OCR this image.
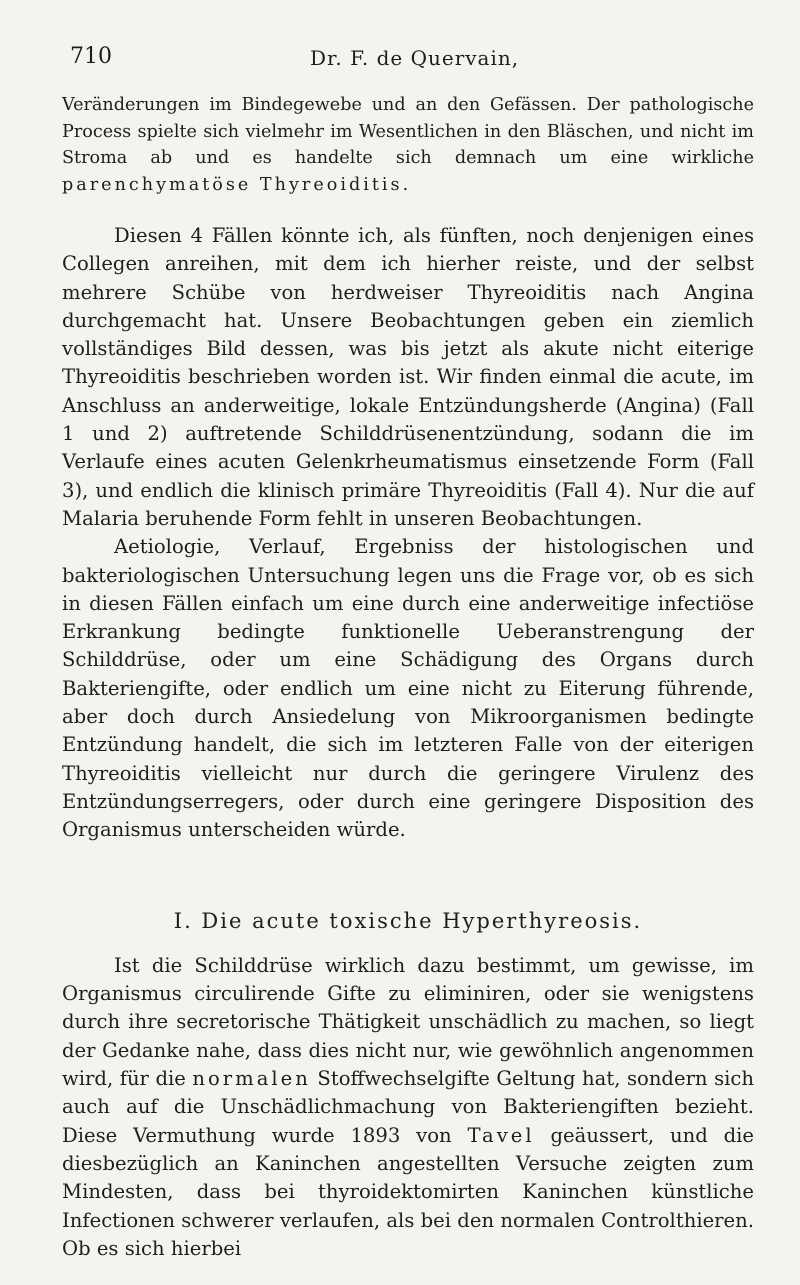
710	Dr. F. de Quervain,

Veränderungen im Bindegewebe und an den Gefässen. Der pathologische Process spielte sich vielmehr im Wesentlichen in den Bläschen, und nicht im Stroma ab und es handelte sich demnach um eine wirkliche parenchymatöse Thyreoiditis.

Diesen 4 Fällen könnte ich, als fünften, noch denjenigen eines Collegen anreihen, mit dem ich hierher reiste, und der selbst mehrere Schübe von herdweiser Thyreoiditis nach Angina durchgemacht hat. Unsere Beobachtungen geben ein ziemlich vollständiges Bild dessen, was bis jetzt als akute nicht eiterige Thyreoiditis beschrieben worden ist. Wir finden einmal die acute, im Anschluss an anderweitige, lokale Entzündungsherde (Angina) (Fall 1 und 2) auftretende Schilddrüsenentzündung, sodann die im Verlaufe eines acuten Gelenkrheumatismus einsetzende Form (Fall 3), und endlich die klinisch primäre Thyreoiditis (Fall 4). Nur die auf Malaria beruhende Form fehlt in unseren Beobachtungen.

Aetiologie, Verlauf, Ergebniss der histologischen und bakteriologischen Untersuchung legen uns die Frage vor, ob es sich in diesen Fällen einfach um eine durch eine anderweitige infectiöse Erkrankung bedingte funktionelle Ueberanstrengung der Schilddrüse, oder um eine Schädigung des Organs durch Bakteriengifte, oder endlich um eine nicht zu Eiterung führende, aber doch durch Ansiedelung von Mikroorganismen bedingte Entzündung handelt, die sich im letzteren Falle von der eiterigen Thyreoiditis vielleicht nur durch die geringere Virulenz des Entzündungserregers, oder durch eine geringere Disposition des Organismus unterscheiden würde.

I. Die acute toxische Hyperthyreosis.

Ist die Schilddrüse wirklich dazu bestimmt, um gewisse, im Organismus circulirende Gifte zu eliminiren, oder sie wenigstens durch ihre secretorische Thätigkeit unschädlich zu machen, so liegt der Gedanke nahe, dass dies nicht nur, wie gewöhnlich angenommen wird, für die normalen Stoffwechselgifte Geltung hat, sondern sich auch auf die Unschädlichmachung von Bakteriengiften bezieht. Diese Vermuthung wurde 1893 von Tavel geäussert, und die diesbezüglich an Kaninchen angestellten Versuche zeigten zum Mindesten, dass bei thyroidektomirten Kaninchen künstliche Infectionen schwerer verlaufen, als bei den normalen Controlthieren. Ob es sich hierbei
